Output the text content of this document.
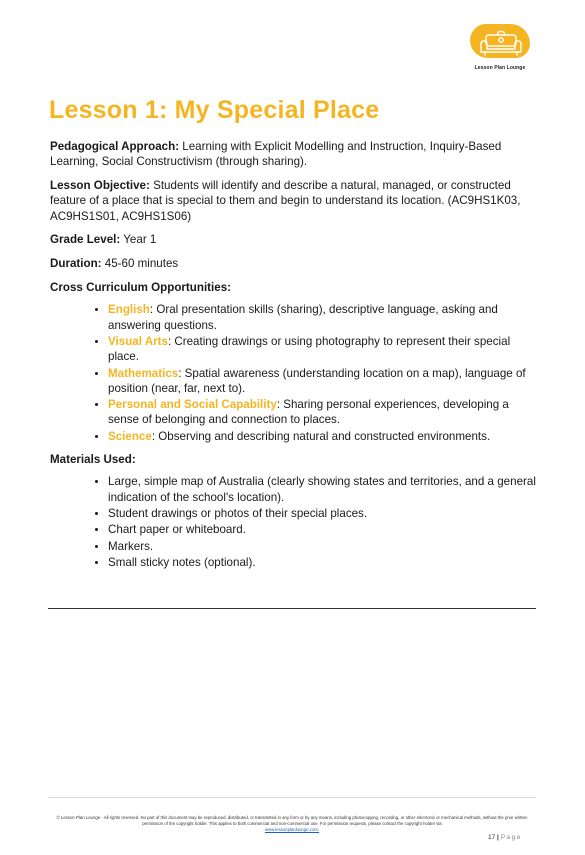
Lesson Plan Lounge
Lesson 1: My Special Place

Pedagogical Approach: Learning with Explicit Modelling and Instruction, Inquiry-Based Learning, Social Constructivism (through sharing).

Lesson Objective: Students will identify and describe a natural, managed, or constructed feature of a place that is special to them and begin to understand its location. (AC9HS1K03, AC9HS1S01, AC9HS1S06)

Grade Level: Year 1

Duration: 45-60 minutes

Cross Curriculum Opportunities:

• English: Oral presentation skills (sharing), descriptive language, asking and answering questions.
• Visual Arts: Creating drawings or using photography to represent their special place.
• Mathematics: Spatial awareness (understanding location on a map), language of position (near, far, next to).
• Personal and Social Capability: Sharing personal experiences, developing a sense of belonging and connection to places.
• Science: Observing and describing natural and constructed environments.

Materials Used:

• Large, simple map of Australia (clearly showing states and territories, and a general indication of the school's location).
• Student drawings or photos of their special places.
• Chart paper or whiteboard.
• Markers.
• Small sticky notes (optional).
© Lesson Plan Lounge - All rights reserved. No part of this document may be reproduced, distributed, or transmitted in any form or by any means, including photocopying, recording, or other electronic or mechanical methods, without the prior written permission of the copyright holder. This applies to both commercial and non-commercial use. For permission requests, please contact the copyright holder via
www.lessonplanlounge.com.
17 | Page
